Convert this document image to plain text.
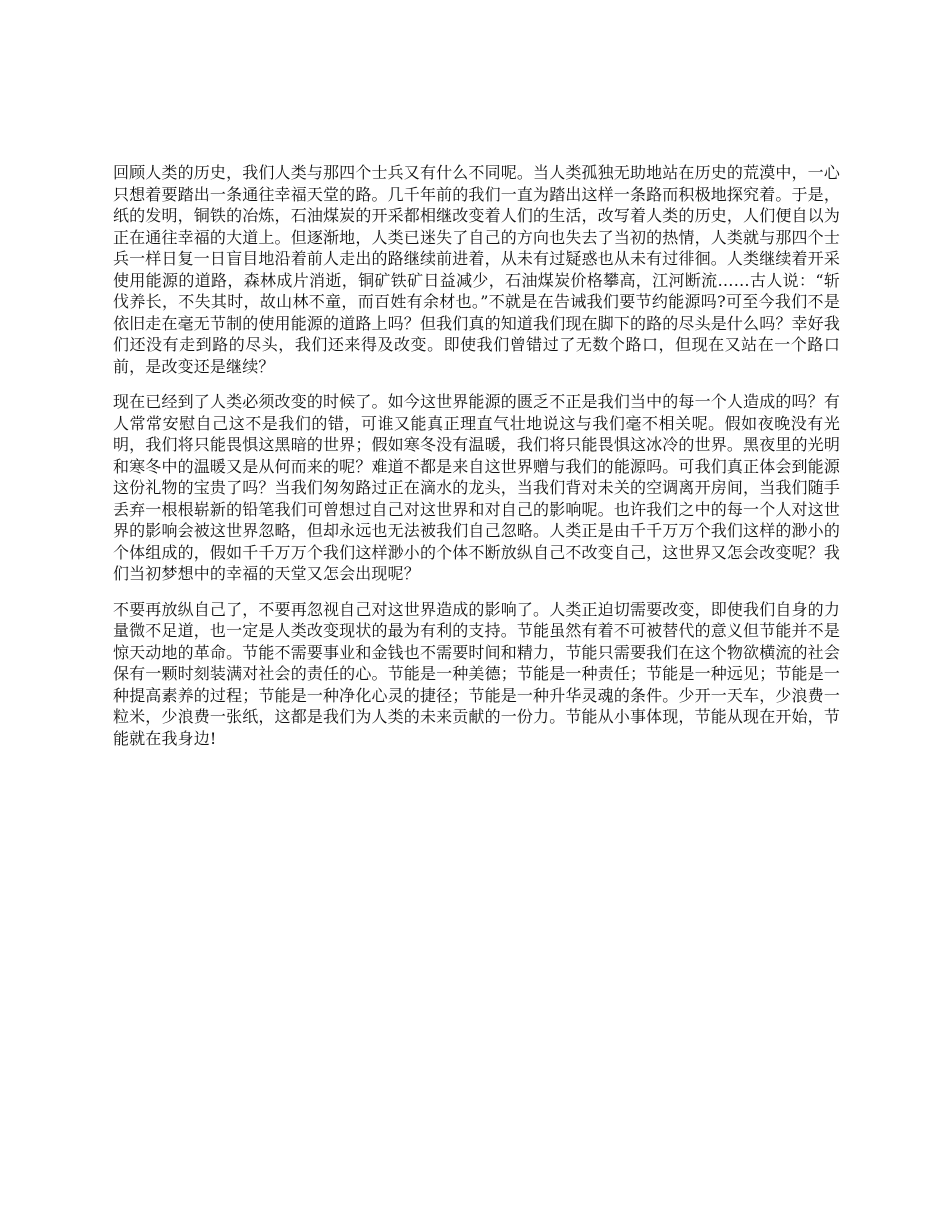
回顾人类的历史，我们人类与那四个士兵又有什么不同呢。当人类孤独无助地站在历史的荒漠中，一心只想着要踏出一条通往幸福天堂的路。几千年前的我们一直为踏出这样一条路而积极地探究着。于是，纸的发明，铜铁的冶炼，石油煤炭的开采都相继改变着人们的生活，改写着人类的历史，人们便自以为正在通往幸福的大道上。但逐渐地，人类已迷失了自己的方向也失去了当初的热情，人类就与那四个士兵一样日复一日盲目地沿着前人走出的路继续前进着，从未有过疑惑也从未有过徘徊。人类继续着开采使用能源的道路，森林成片消逝，铜矿铁矿日益减少，石油煤炭价格攀高，江河断流……古人说：“斩伐养长，不失其时，故山林不童，而百姓有余材也。”不就是在告诫我们要节约能源吗?可至今我们不是依旧走在毫无节制的使用能源的道路上吗？但我们真的知道我们现在脚下的路的尽头是什么吗？幸好我们还没有走到路的尽头，我们还来得及改变。即使我们曾错过了无数个路口，但现在又站在一个路口前，是改变还是继续？

现在已经到了人类必须改变的时候了。如今这世界能源的匮乏不正是我们当中的每一个人造成的吗？有人常常安慰自己这不是我们的错，可谁又能真正理直气壮地说这与我们毫不相关呢。假如夜晚没有光明，我们将只能畏惧这黑暗的世界；假如寒冬没有温暖，我们将只能畏惧这冰冷的世界。黑夜里的光明和寒冬中的温暖又是从何而来的呢？难道不都是来自这世界赠与我们的能源吗。可我们真正体会到能源这份礼物的宝贵了吗？当我们匆匆路过正在滴水的龙头，当我们背对未关的空调离开房间，当我们随手丢弃一根根崭新的铅笔我们可曾想过自己对这世界和对自己的影响呢。也许我们之中的每一个人对这世界的影响会被这世界忽略，但却永远也无法被我们自己忽略。人类正是由千千万万个我们这样的渺小的个体组成的，假如千千万万个我们这样渺小的个体不断放纵自己不改变自己，这世界又怎会改变呢？我们当初梦想中的幸福的天堂又怎会出现呢？

不要再放纵自己了，不要再忽视自己对这世界造成的影响了。人类正迫切需要改变，即使我们自身的力量微不足道，也一定是人类改变现状的最为有利的支持。节能虽然有着不可被替代的意义但节能并不是惊天动地的革命。节能不需要事业和金钱也不需要时间和精力，节能只需要我们在这个物欲横流的社会保有一颗时刻装满对社会的责任的心。节能是一种美德；节能是一种责任；节能是一种远见；节能是一种提高素养的过程；节能是一种净化心灵的捷径；节能是一种升华灵魂的条件。少开一天车，少浪费一粒米，少浪费一张纸，这都是我们为人类的未来贡献的一份力。节能从小事体现，节能从现在开始，节能就在我身边!
